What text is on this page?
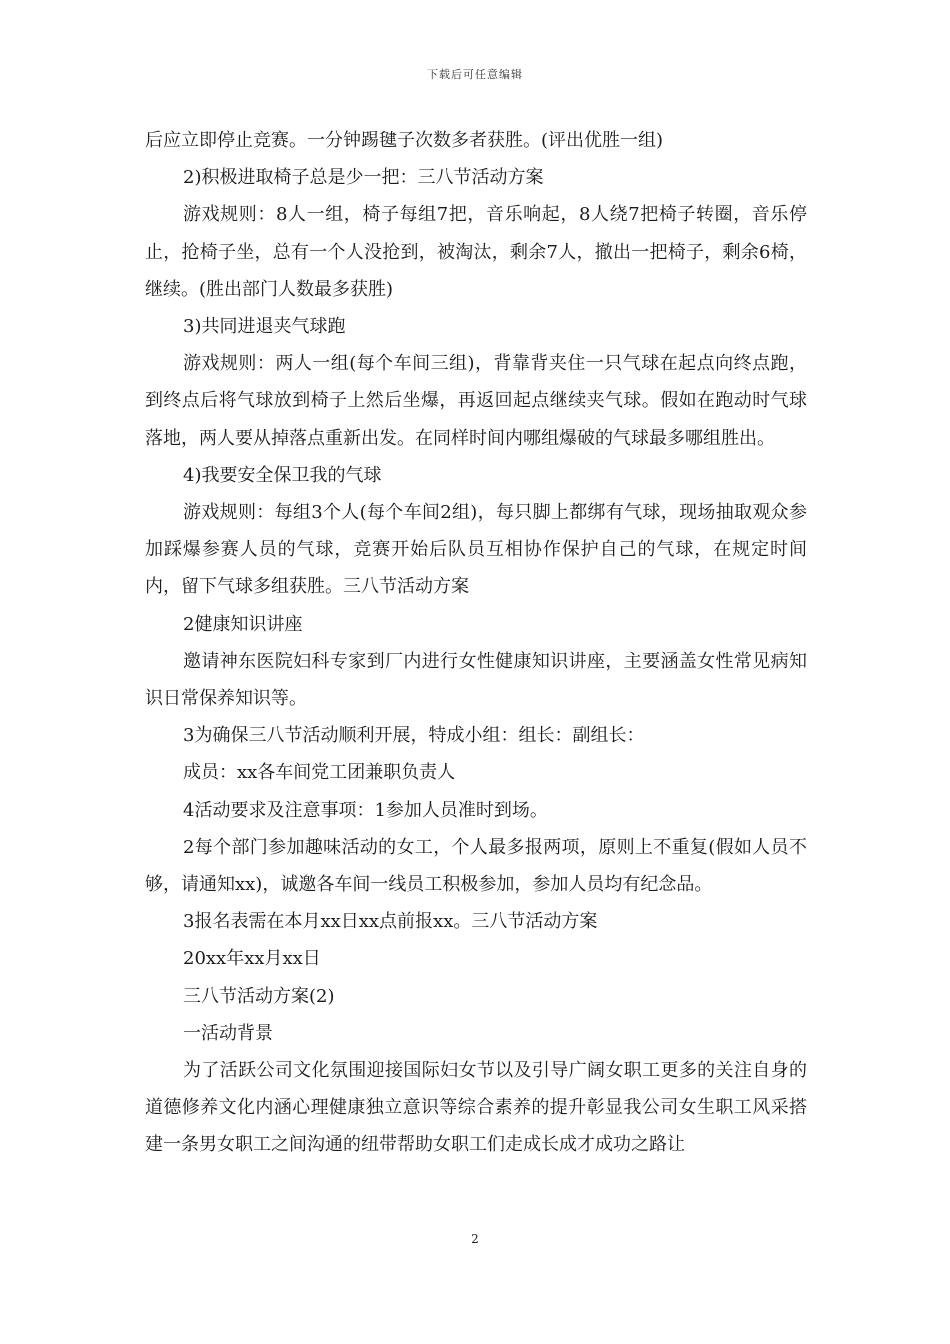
下载后可任意编辑

后应立即停止竞赛。一分钟踢毽子次数多者获胜。(评出优胜一组)

2)积极进取椅子总是少一把：三八节活动方案

游戏规则：8人一组，椅子每组7把，音乐响起，8人绕7把椅子转圈，音乐停止，抢椅子坐，总有一个人没抢到，被淘汰，剩余7人，撤出一把椅子，剩余6椅，继续。(胜出部门人数最多获胜)

3)共同进退夹气球跑

游戏规则：两人一组(每个车间三组)，背靠背夹住一只气球在起点向终点跑，到终点后将气球放到椅子上然后坐爆，再返回起点继续夹气球。假如在跑动时气球落地，两人要从掉落点重新出发。在同样时间内哪组爆破的气球最多哪组胜出。

4)我要安全保卫我的气球

游戏规则：每组3个人(每个车间2组)，每只脚上都绑有气球，现场抽取观众参加踩爆参赛人员的气球，竞赛开始后队员互相协作保护自己的气球，在规定时间内，留下气球多组获胜。三八节活动方案

2健康知识讲座

邀请神东医院妇科专家到厂内进行女性健康知识讲座，主要涵盖女性常见病知识日常保养知识等。

3为确保三八节活动顺利开展，特成小组：组长：副组长：

成员：xx各车间党工团兼职负责人

4活动要求及注意事项：1参加人员准时到场。

2每个部门参加趣味活动的女工，个人最多报两项，原则上不重复(假如人员不够，请通知xx)，诚邀各车间一线员工积极参加，参加人员均有纪念品。

3报名表需在本月xx日xx点前报xx。三八节活动方案

20xx年xx月xx日

三八节活动方案(2)

一活动背景

为了活跃公司文化氛围迎接国际妇女节以及引导广阔女职工更多的关注自身的道德修养文化内涵心理健康独立意识等综合素养的提升彰显我公司女生职工风采搭建一条男女职工之间沟通的纽带帮助女职工们走成长成才成功之路让

2
